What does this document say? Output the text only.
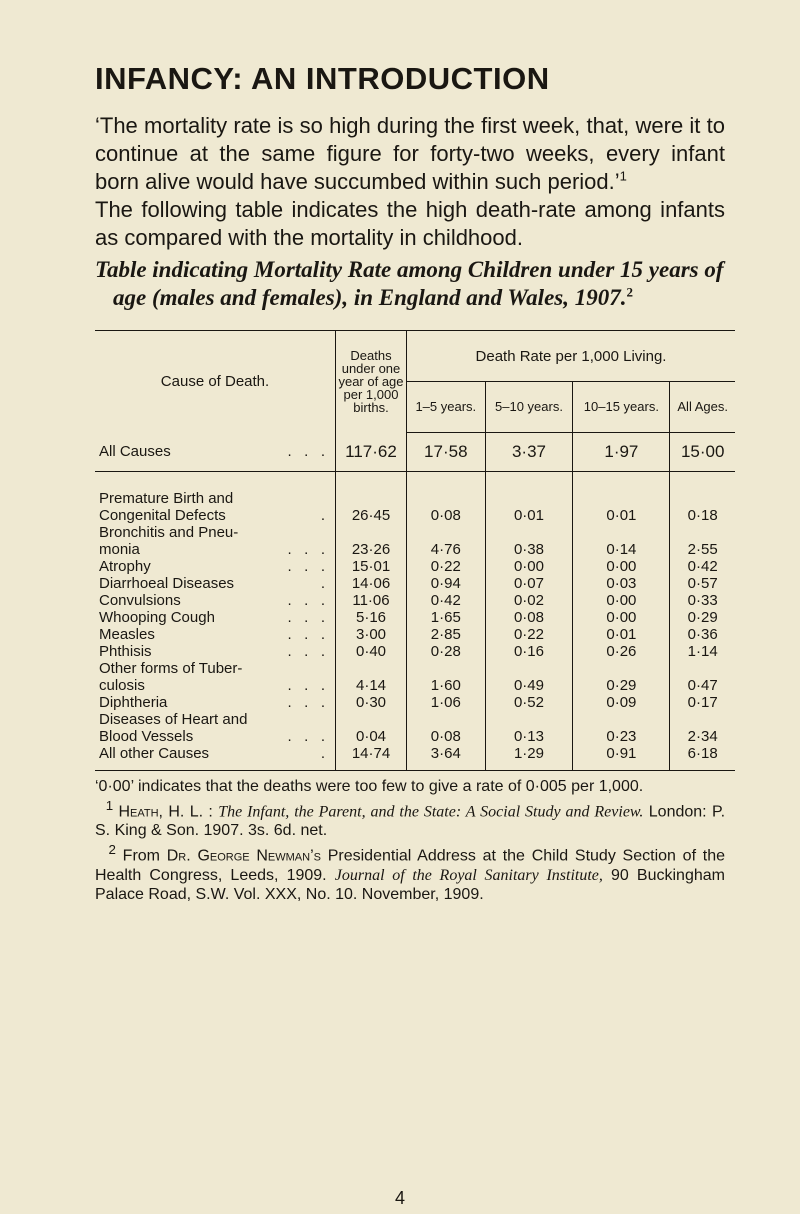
INFANCY: AN INTRODUCTION

‘The mortality rate is so high during the first week, that, were it to continue at the same figure for forty-two weeks, every infant born alive would have succumbed within such period.’$^1$

The following table indicates the high death-rate among infants as compared with the mortality in childhood.

Table indicating Mortality Rate among Children under 15 years of age (males and females), in England and Wales, 1907.$^2$

Cause of Death.	Deaths under one year of age per 1,000 births.	Death Rate per 1,000 Living.			
		1–5 years.	5–10 years.	10–15 years.	All Ages.

All Causes .   .   .	117·62	17·58	3·37	1·97	15·00

Premature Birth and					

Congenital Defects .	26·45	0·08	0·01	0·01	0·18

Bronchitis and Pneu-					

monia .   .   .	23·26	4·76	0·38	0·14	2·55

Atrophy .   .   .	15·01	0·22	0·00	0·00	0·42

Diarrhoeal Diseases .	14·06	0·94	0·07	0·03	0·57

Convulsions .   .   .	11·06	0·42	0·02	0·00	0·33

Whooping Cough .   .   .	5·16	1·65	0·08	0·00	0·29

Measles .   .   .	3·00	2·85	0·22	0·01	0·36

Phthisis .   .   .	0·40	0·28	0·16	0·26	1·14

Other forms of Tuber-					

culosis .   .   .	4·14	1·60	0·49	0·29	0·47

Diphtheria .   .   .	0·30	1·06	0·52	0·09	0·17

Diseases of Heart and					

Blood Vessels .   .   .	0·04	0·08	0·13	0·23	2·34

All other Causes .	14·74	3·64	1·29	0·91	6·18

‘0·00’ indicates that the deaths were too few to give a rate of 0·005 per 1,000.

$^1$ Heath, H. L. : The Infant, the Parent, and the State: A Social Study and Review. London: P. S. King & Son. 1907. 3s. 6d. net.

$^2$ From Dr. George Newman’s Presidential Address at the Child Study Section of the Health Congress, Leeds, 1909. Journal of the Royal Sanitary Institute, 90 Buckingham Palace Road, S.W. Vol. XXX, No. 10. November, 1909.

4
